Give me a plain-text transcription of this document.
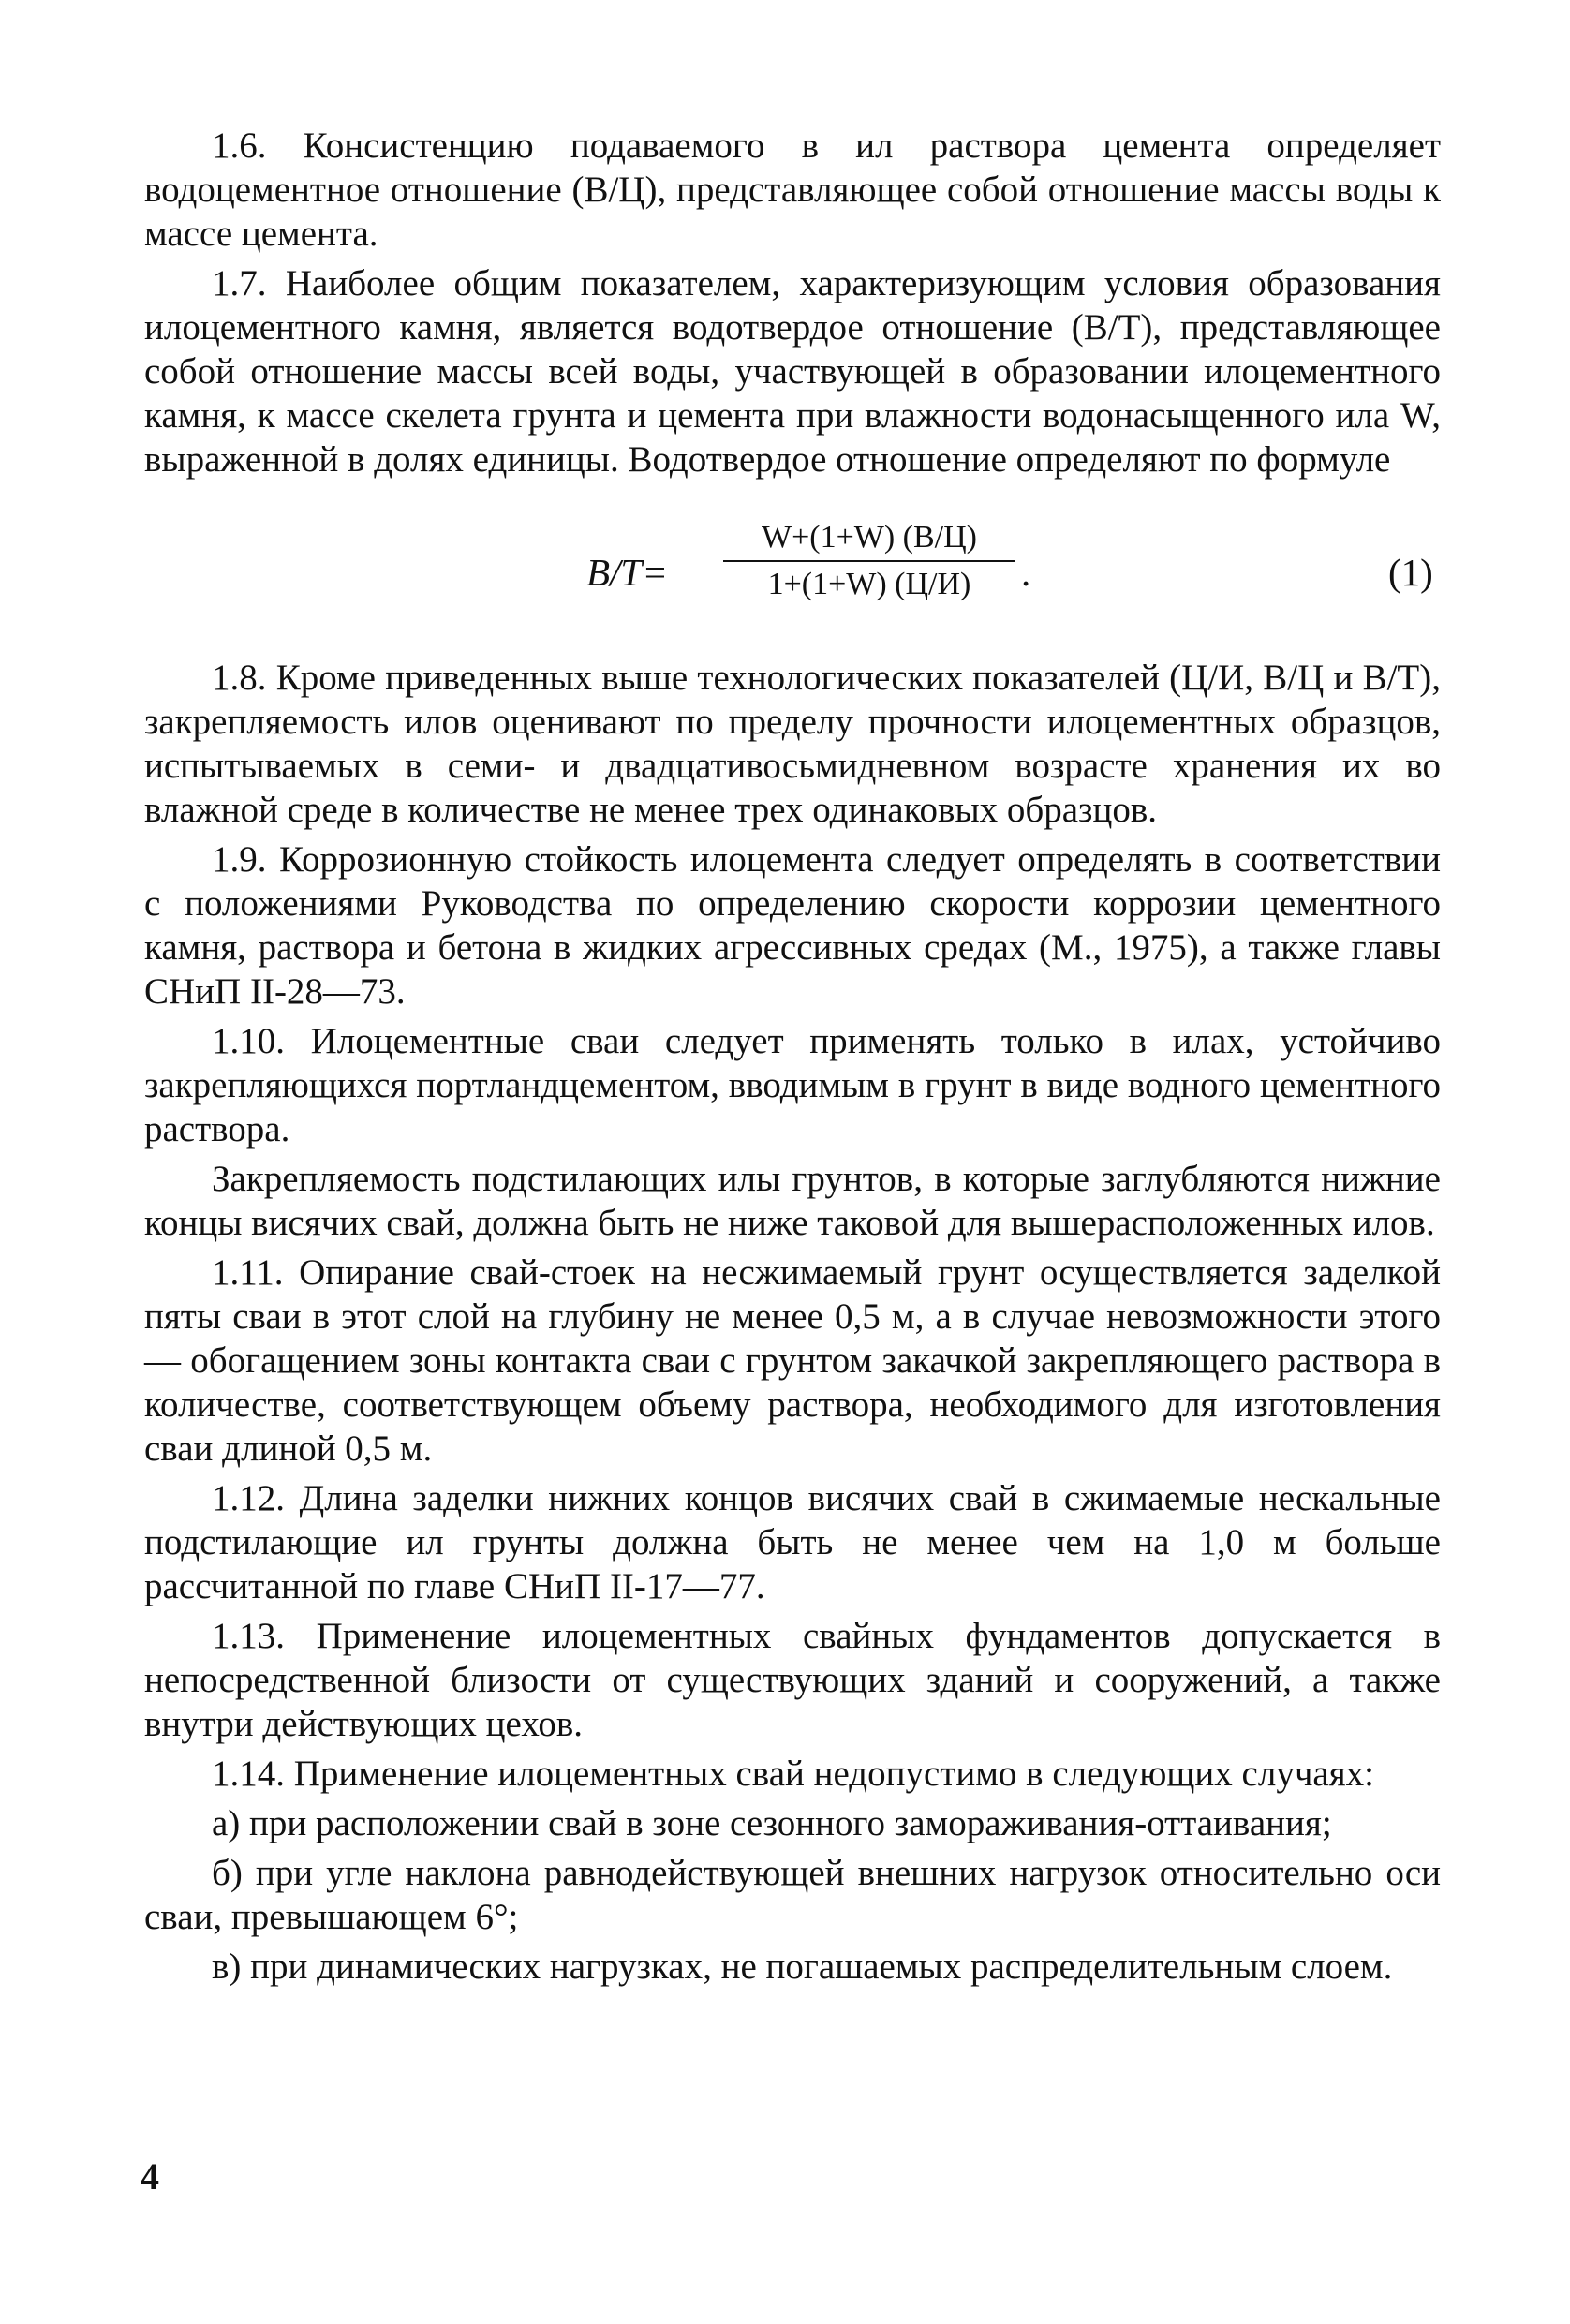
1.6. Консистенцию подаваемого в ил раствора цемента определяет водоцементное отношение (В/Ц), представляющее собой отношение массы воды к массе цемента.

1.7. Наиболее общим показателем, характеризующим условия образования илоцементного камня, является водотвердое отношение (В/Т), представляющее собой отношение массы всей воды, участвующей в образовании илоцементного камня, к массе скелета грунта и цемента при влажности водонасыщенного ила W, выраженной в долях единицы. Водотвердое отношение определяют по формуле

В/Т=
W+(1+W) (В/Ц)
1+(1+W) (Ц/И)	.	(1)

1.8. Кроме приведенных выше технологических показателей (Ц/И, В/Ц и В/Т), закрепляемость илов оценивают по пределу прочности илоцементных образцов, испытываемых в семи- и двадцативосьмидневном возрасте хранения их во влажной среде в количестве не менее трех одинаковых образцов.

1.9. Коррозионную стойкость илоцемента следует определять в соответствии с положениями Руководства по определению скорости коррозии цементного камня, раствора и бетона в жидких агрессивных средах (М., 1975), а также главы СНиП II-28—73.

1.10. Илоцементные сваи следует применять только в илах, устойчиво закрепляющихся портландцементом, вводимым в грунт в виде водного цементного раствора.

Закрепляемость подстилающих илы грунтов, в которые заглубляются нижние концы висячих свай, должна быть не ниже таковой для вышерасположенных илов.

1.11. Опирание свай-стоек на несжимаемый грунт осуществляется заделкой пяты сваи в этот слой на глубину не менее 0,5 м, а в случае невозможности этого — обогащением зоны контакта сваи с грунтом закачкой закрепляющего раствора в количестве, соответствующем объему раствора, необходимого для изготовления сваи длиной 0,5 м.

1.12. Длина заделки нижних концов висячих свай в сжимаемые нескальные подстилающие ил грунты должна быть не менее чем на 1,0 м больше рассчитанной по главе СНиП II-17—77.

1.13. Применение илоцементных свайных фундаментов допускается в непосредственной близости от существующих зданий и сооружений, а также внутри действующих цехов.

1.14. Применение илоцементных свай недопустимо в следующих случаях:

а) при расположении свай в зоне сезонного замораживания-оттаивания;

б) при угле наклона равнодействующей внешних нагрузок относительно оси сваи, превышающем 6°;

в) при динамических нагрузках, не погашаемых распределительным слоем.

4
